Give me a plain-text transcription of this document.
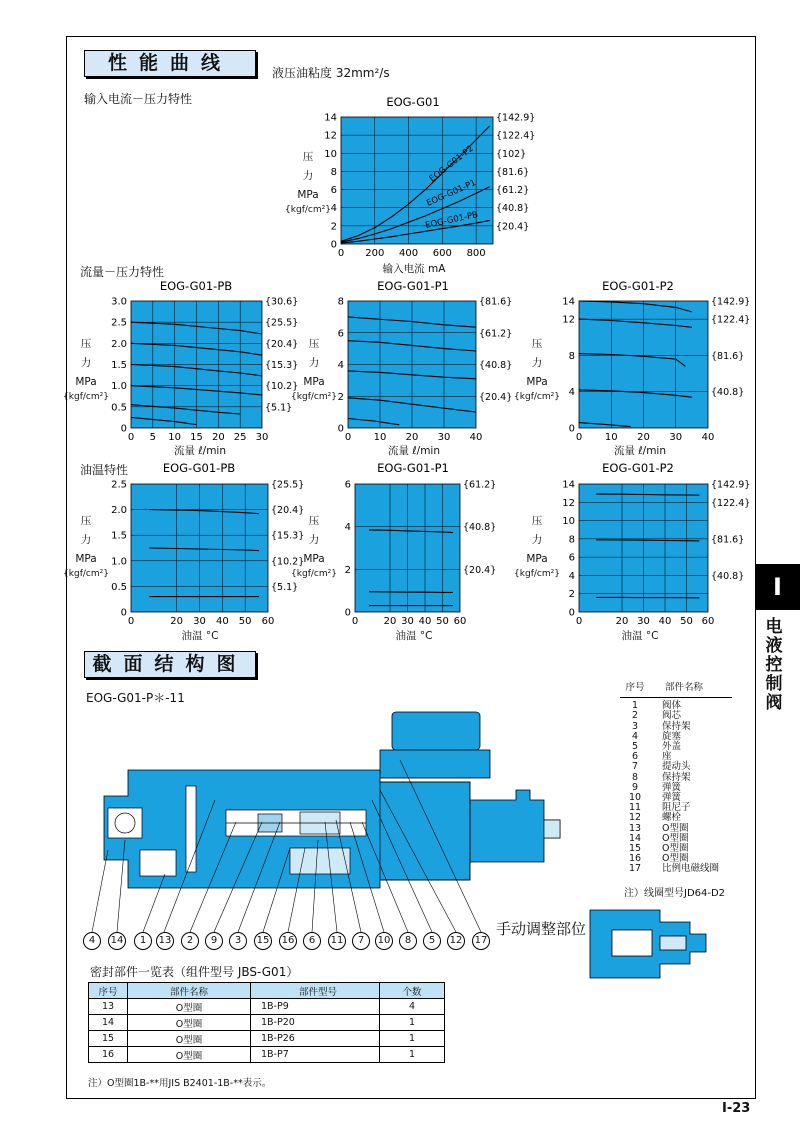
性能曲线	液压油粘度 32mm²/s
输入电流－压力特性
流量－压力特性
油温特性
0 200 400 600 800
0
2
4
6
8
10
12
14	{142.9}
{122.4}
{102}
{81.6}
{61.2}
{40.8}
{20.4}
EOG-G01
EOG-G01-P2
EOG-G01-P1
EOG-G01-PB
0 5 10 15 20 25 30
0
0.5
1.0
1.5
2.0
2.5
3.0	{30.6}
{25.5}
{20.4}
{15.3}
{10.2}
{5.1}
EOG-G01-PB
0 10 20 30 40
0
2
4
6
8	{81.6}
{61.2}
{40.8}
{20.4}
EOG-G01-P1
0 10 20 30 40
0
4
8
12
14	{142.9}
{122.4}
{81.6}
{40.8}
EOG-G01-P2
0	20 30 40 50 60
0
0.5
1.0
1.5
2.0
2.5	{25.5}
{20.4}
{15.3}
{10.2}
{5.1}
EOG-G01-PB
0	20 30 40 50 60
0
2
4
6	{61.2}
{40.8}
{20.4}
EOG-G01-P1
0	20 30 40 50 60
0
2
4
6
8
10
12
14	{142.9}
{122.4}
{81.6}
{40.8}
EOG-G01-P2
压
力
MPa
{kgf/cm²}
压
力
MPa
{kgf/cm²}
压
力
MPa
{kgf/cm²}
压
力
MPa
{kgf/cm²}
压
力
MPa
{kgf/cm²}
压
力
MPa
{kgf/cm²}
压
力
MPa
{kgf/cm²}
输入电流 mA
流量 ℓ/min	流量 ℓ/min	流量 ℓ/min
油温 °C	油温 °C	油温 °C
截面结构图
EOG-G01-P＊-11
4	14	1	13	2	9	3	15 16	6	11	7	10	8	5	12 17
手动调整部位
序号 部件名称
1	阀体
2	阀芯
3	保持架
4	旋塞
5	外盖
6	座
7	提动头
8	保持架
9	弹簧
10 弹簧
11 阻尼子
12 螺栓
13 O型圈
14 O型圈
15 O型圈
16 O型圈
17 比例电磁线圈
注）线圈型号JD64-D2
密封部件一览表（组件型号 JBS-G01）
序号	部件名称	部件型号	个数
13	O型圈	1B-P9	4
14	O型圈	1B-P20	1
15	O型圈	1B-P26	1
16	O型圈	1B-P7	1
注）O型圈1B-**用JIS B2401-1B-**表示。
I
电液控制阀
I-23
